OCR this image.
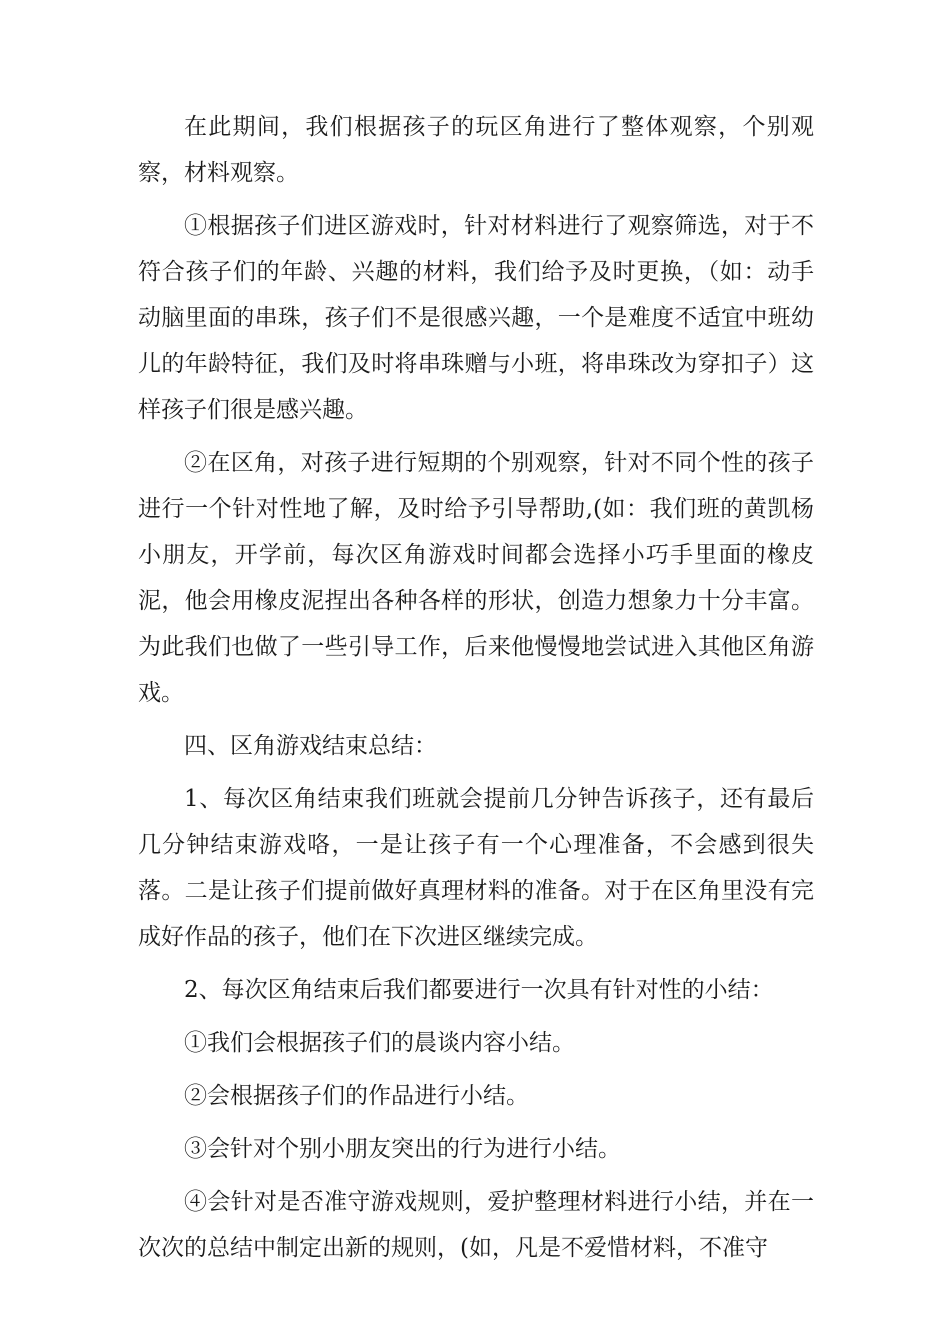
在此期间，我们根据孩子的玩区角进行了整体观察，个别观察，材料观察。

①根据孩子们进区游戏时，针对材料进行了观察筛选，对于不符合孩子们的年龄、兴趣的材料，我们给予及时更换，（如：动手动脑里面的串珠，孩子们不是很感兴趣，一个是难度不适宜中班幼儿的年龄特征，我们及时将串珠赠与小班，将串珠改为穿扣子）这样孩子们很是感兴趣。

②在区角，对孩子进行短期的个别观察，针对不同个性的孩子进行一个针对性地了解，及时给予引导帮助,(如：我们班的黄凯杨小朋友，开学前，每次区角游戏时间都会选择小巧手里面的橡皮泥，他会用橡皮泥捏出各种各样的形状，创造力想象力十分丰富。为此我们也做了一些引导工作，后来他慢慢地尝试进入其他区角游戏。

四、区角游戏结束总结：

1、每次区角结束我们班就会提前几分钟告诉孩子，还有最后几分钟结束游戏咯，一是让孩子有一个心理准备，不会感到很失落。二是让孩子们提前做好真理材料的准备。对于在区角里没有完成好作品的孩子，他们在下次进区继续完成。

2、每次区角结束后我们都要进行一次具有针对性的小结：

①我们会根据孩子们的晨谈内容小结。

②会根据孩子们的作品进行小结。

③会针对个别小朋友突出的行为进行小结。

④会针对是否准守游戏规则，爱护整理材料进行小结，并在一次次的总结中制定出新的规则，(如，凡是不爱惜材料，不准守
